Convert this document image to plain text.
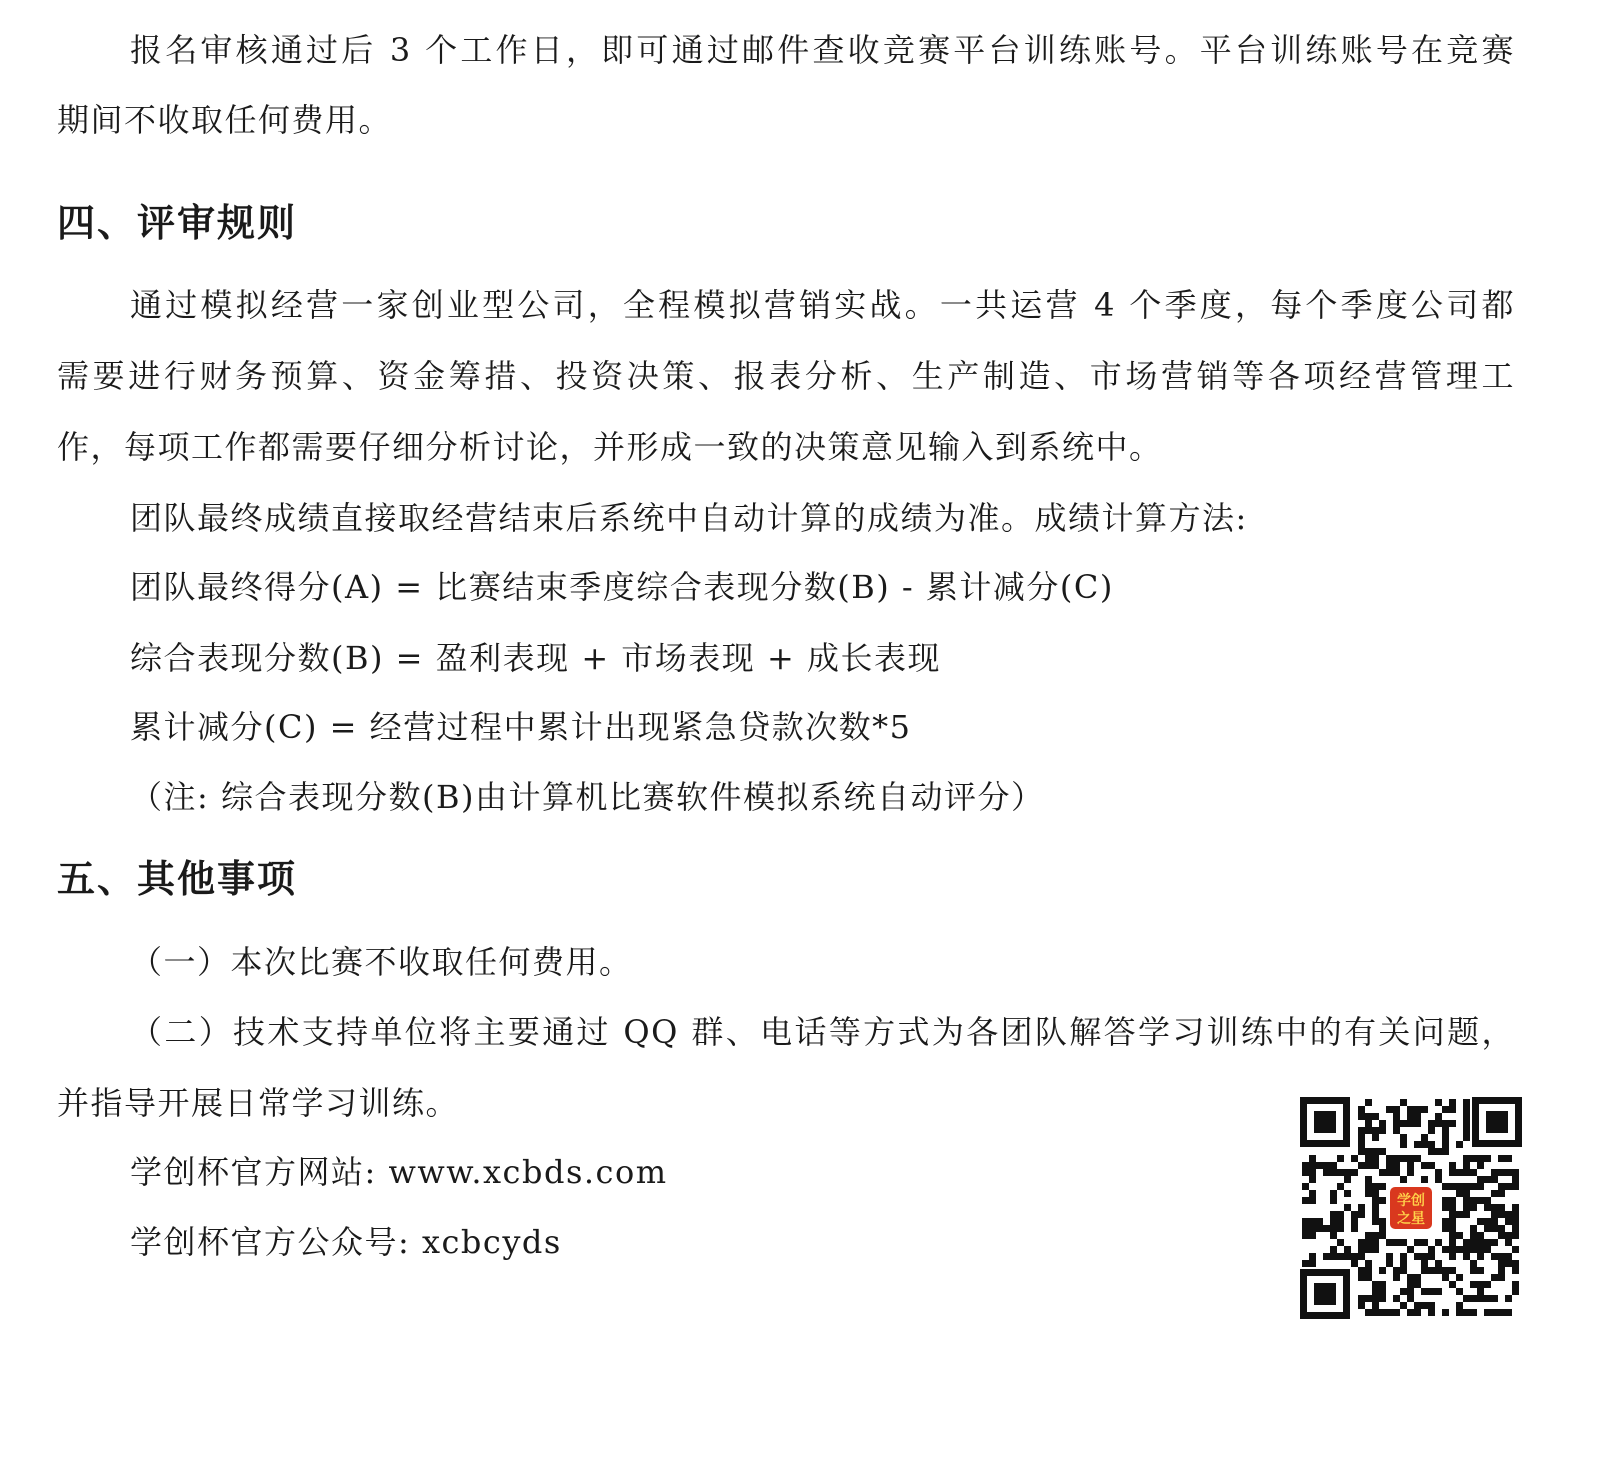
报名审核通过后 3 个工作日，即可通过邮件查收竞赛平台训练账号。平台训练账号在竞赛
期间不收取任何费用。
四、评审规则
通过模拟经营一家创业型公司，全程模拟营销实战。一共运营 4 个季度，每个季度公司都
需要进行财务预算、资金筹措、投资决策、报表分析、生产制造、市场营销等各项经营管理工
作，每项工作都需要仔细分析讨论，并形成一致的决策意见输入到系统中。
团队最终成绩直接取经营结束后系统中自动计算的成绩为准。成绩计算方法:
团队最终得分(A) = 比赛结束季度综合表现分数(B) - 累计减分(C)
综合表现分数(B) = 盈利表现 + 市场表现 + 成长表现
累计减分(C) = 经营过程中累计出现紧急贷款次数*5
（注: 综合表现分数(B)由计算机比赛软件模拟系统自动评分）
五、其他事项
（一）本次比赛不收取任何费用。
（二）技术支持单位将主要通过 QQ 群、电话等方式为各团队解答学习训练中的有关问题，
并指导开展日常学习训练。
学创杯官方网站: www.xcbds.com
学创杯官方公众号: xcbcyds
学创
之星
